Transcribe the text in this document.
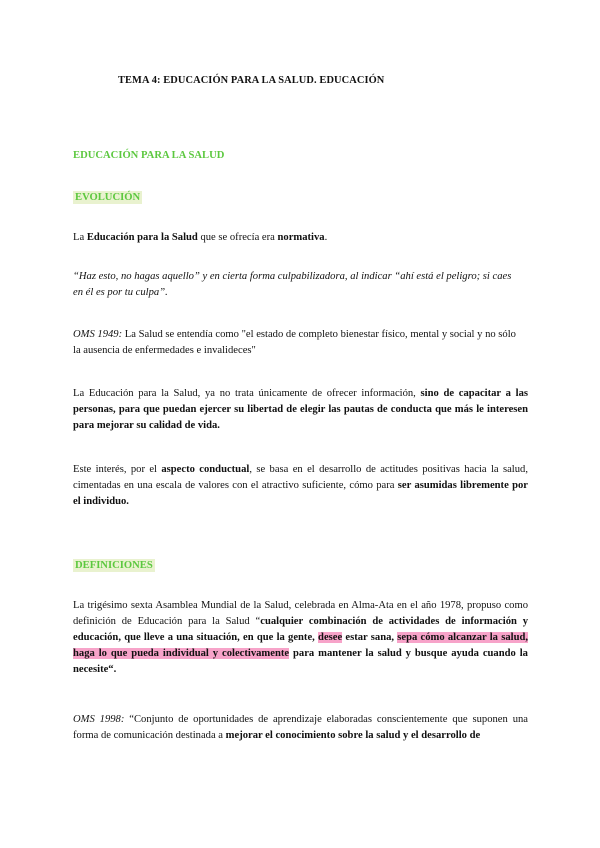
TEMA 4: EDUCACIÓN PARA LA SALUD. EDUCACIÓN
EDUCACIÓN PARA LA SALUD
EVOLUCIÓN
La Educación para la Salud que se ofrecía era normativa.
“Haz esto, no hagas aquello” y en cierta forma culpabilizadora, al indicar “ahí está el peligro; si caes en él es por tu culpa”.
OMS 1949: La Salud se entendía como "el estado de completo bienestar físico, mental y social y no sólo la ausencia de enfermedades e invalideces"
La Educación para la Salud, ya no trata únicamente de ofrecer información, sino de capacitar a las personas, para que puedan ejercer su libertad de elegir las pautas de conducta que más le interesen para mejorar su calidad de vida.
Este interés, por el aspecto conductual, se basa en el desarrollo de actitudes positivas hacia la salud, cimentadas en una escala de valores con el atractivo suficiente, cómo para ser asumidas libremente por el individuo.
DEFINICIONES
La trigésimo sexta Asamblea Mundial de la Salud, celebrada en Alma-Ata en el año 1978, propuso como definición de Educación para la Salud “cualquier combinación de actividades de información y educación, que lleve a una situación, en que la gente, desee estar sana, sepa cómo alcanzar la salud, haga lo que pueda individual y colectivamente para mantener la salud y busque ayuda cuando la necesite“.
OMS 1998: “Conjunto de oportunidades de aprendizaje elaboradas conscientemente que suponen una forma de comunicación destinada a mejorar el conocimiento sobre la salud y el desarrollo de
